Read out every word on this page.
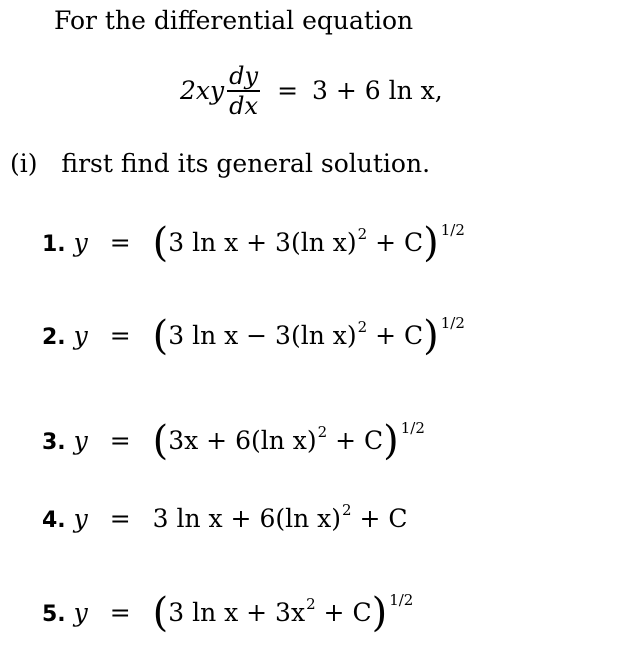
For the differential equation
$2xy \frac{dy}{dx} = 3 + 6$ ln x,
(i) first find its general solution.
1. y = (3 ln x + 3(ln x)$^2$ + C) $^{1/2}$
2. y = (3 ln x − 3(ln x)$^2$ + C) $^{1/2}$
3. y = (3x + 6(ln x)$^2$ + C) $^{1/2}$
4. y = 3 ln x + 6(ln x)$^2$ + C
5. y = (3 $\ln x + 3x^2 + C$) $^{1/2}$
